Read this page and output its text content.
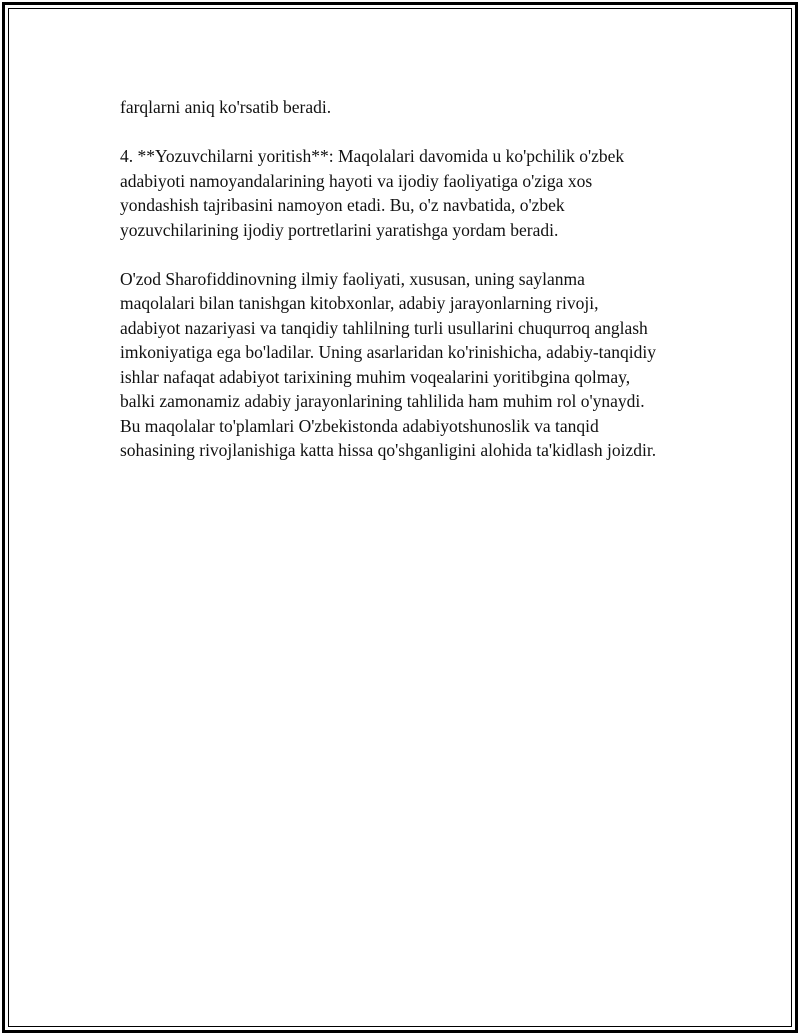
farqlarni aniq ko'rsatib beradi.

4. **Yozuvchilarni yoritish**: Maqolalari davomida u ko'pchilik o'zbek
adabiyoti namoyandalarining hayoti va ijodiy faoliyatiga o'ziga xos
yondashish tajribasini namoyon etadi. Bu, o'z navbatida, o'zbek
yozuvchilarining ijodiy portretlarini yaratishga yordam beradi.

O'zod Sharofiddinovning ilmiy faoliyati, xususan, uning saylanma
maqolalari bilan tanishgan kitobxonlar, adabiy jarayonlarning rivoji,
adabiyot nazariyasi va tanqidiy tahlilning turli usullarini chuqurroq anglash
imkoniyatiga ega bo'ladilar. Uning asarlaridan ko'rinishicha, adabiy-tanqidiy
ishlar nafaqat adabiyot tarixining muhim voqealarini yoritibgina qolmay,
balki zamonamiz adabiy jarayonlarining tahlilida ham muhim rol o'ynaydi.
Bu maqolalar to'plamlari O'zbekistonda adabiyotshunoslik va tanqid
sohasining rivojlanishiga katta hissa qo'shganligini alohida ta'kidlash joizdir.
